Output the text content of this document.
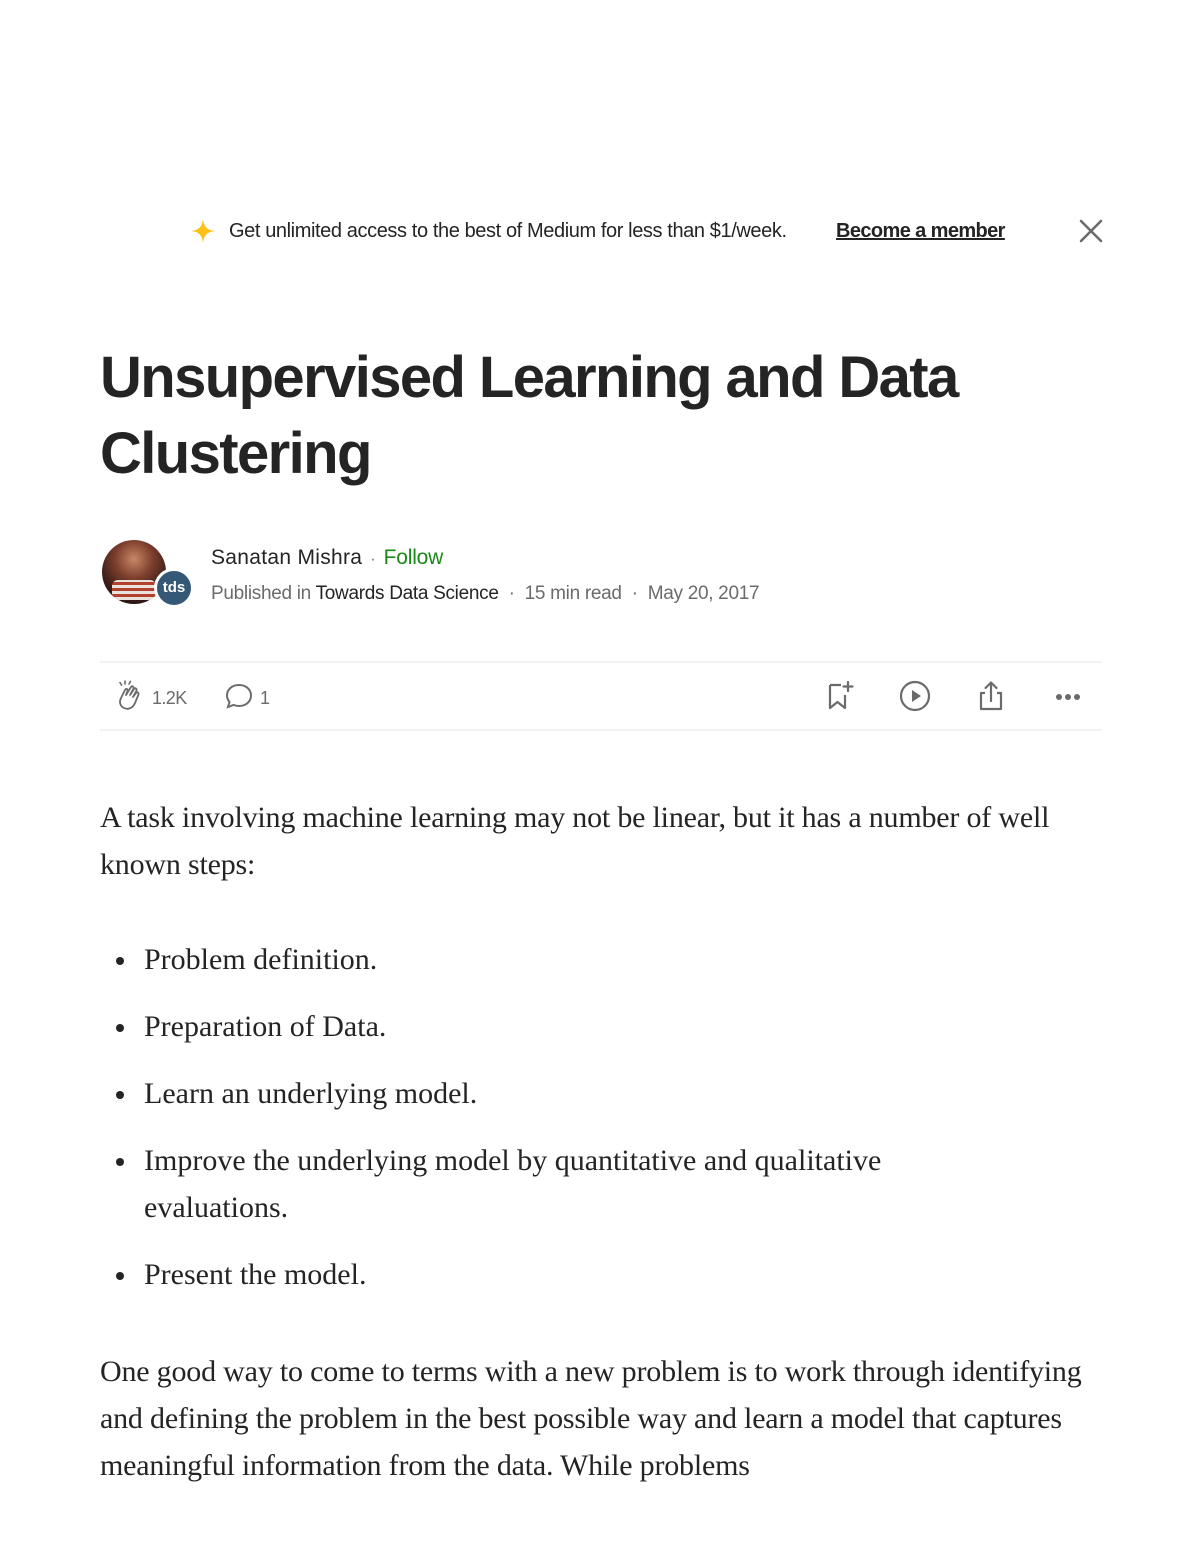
Get unlimited access to the best of Medium for less than $1/week. Become a member
Unsupervised Learning and Data Clustering
tds
Sanatan Mishra · Follow
Published in Towards Data Science · 15 min read · May 20, 2017
1.2K	1

A task involving machine learning may not be linear, but it has a number of well known steps:

Problem definition.
Preparation of Data.
Learn an underlying model.
Improve the underlying model by quantitative and qualitative evaluations.
Present the model.

One good way to come to terms with a new problem is to work through identifying and defining the problem in the best possible way and learn a model that captures meaningful information from the data. While problems
